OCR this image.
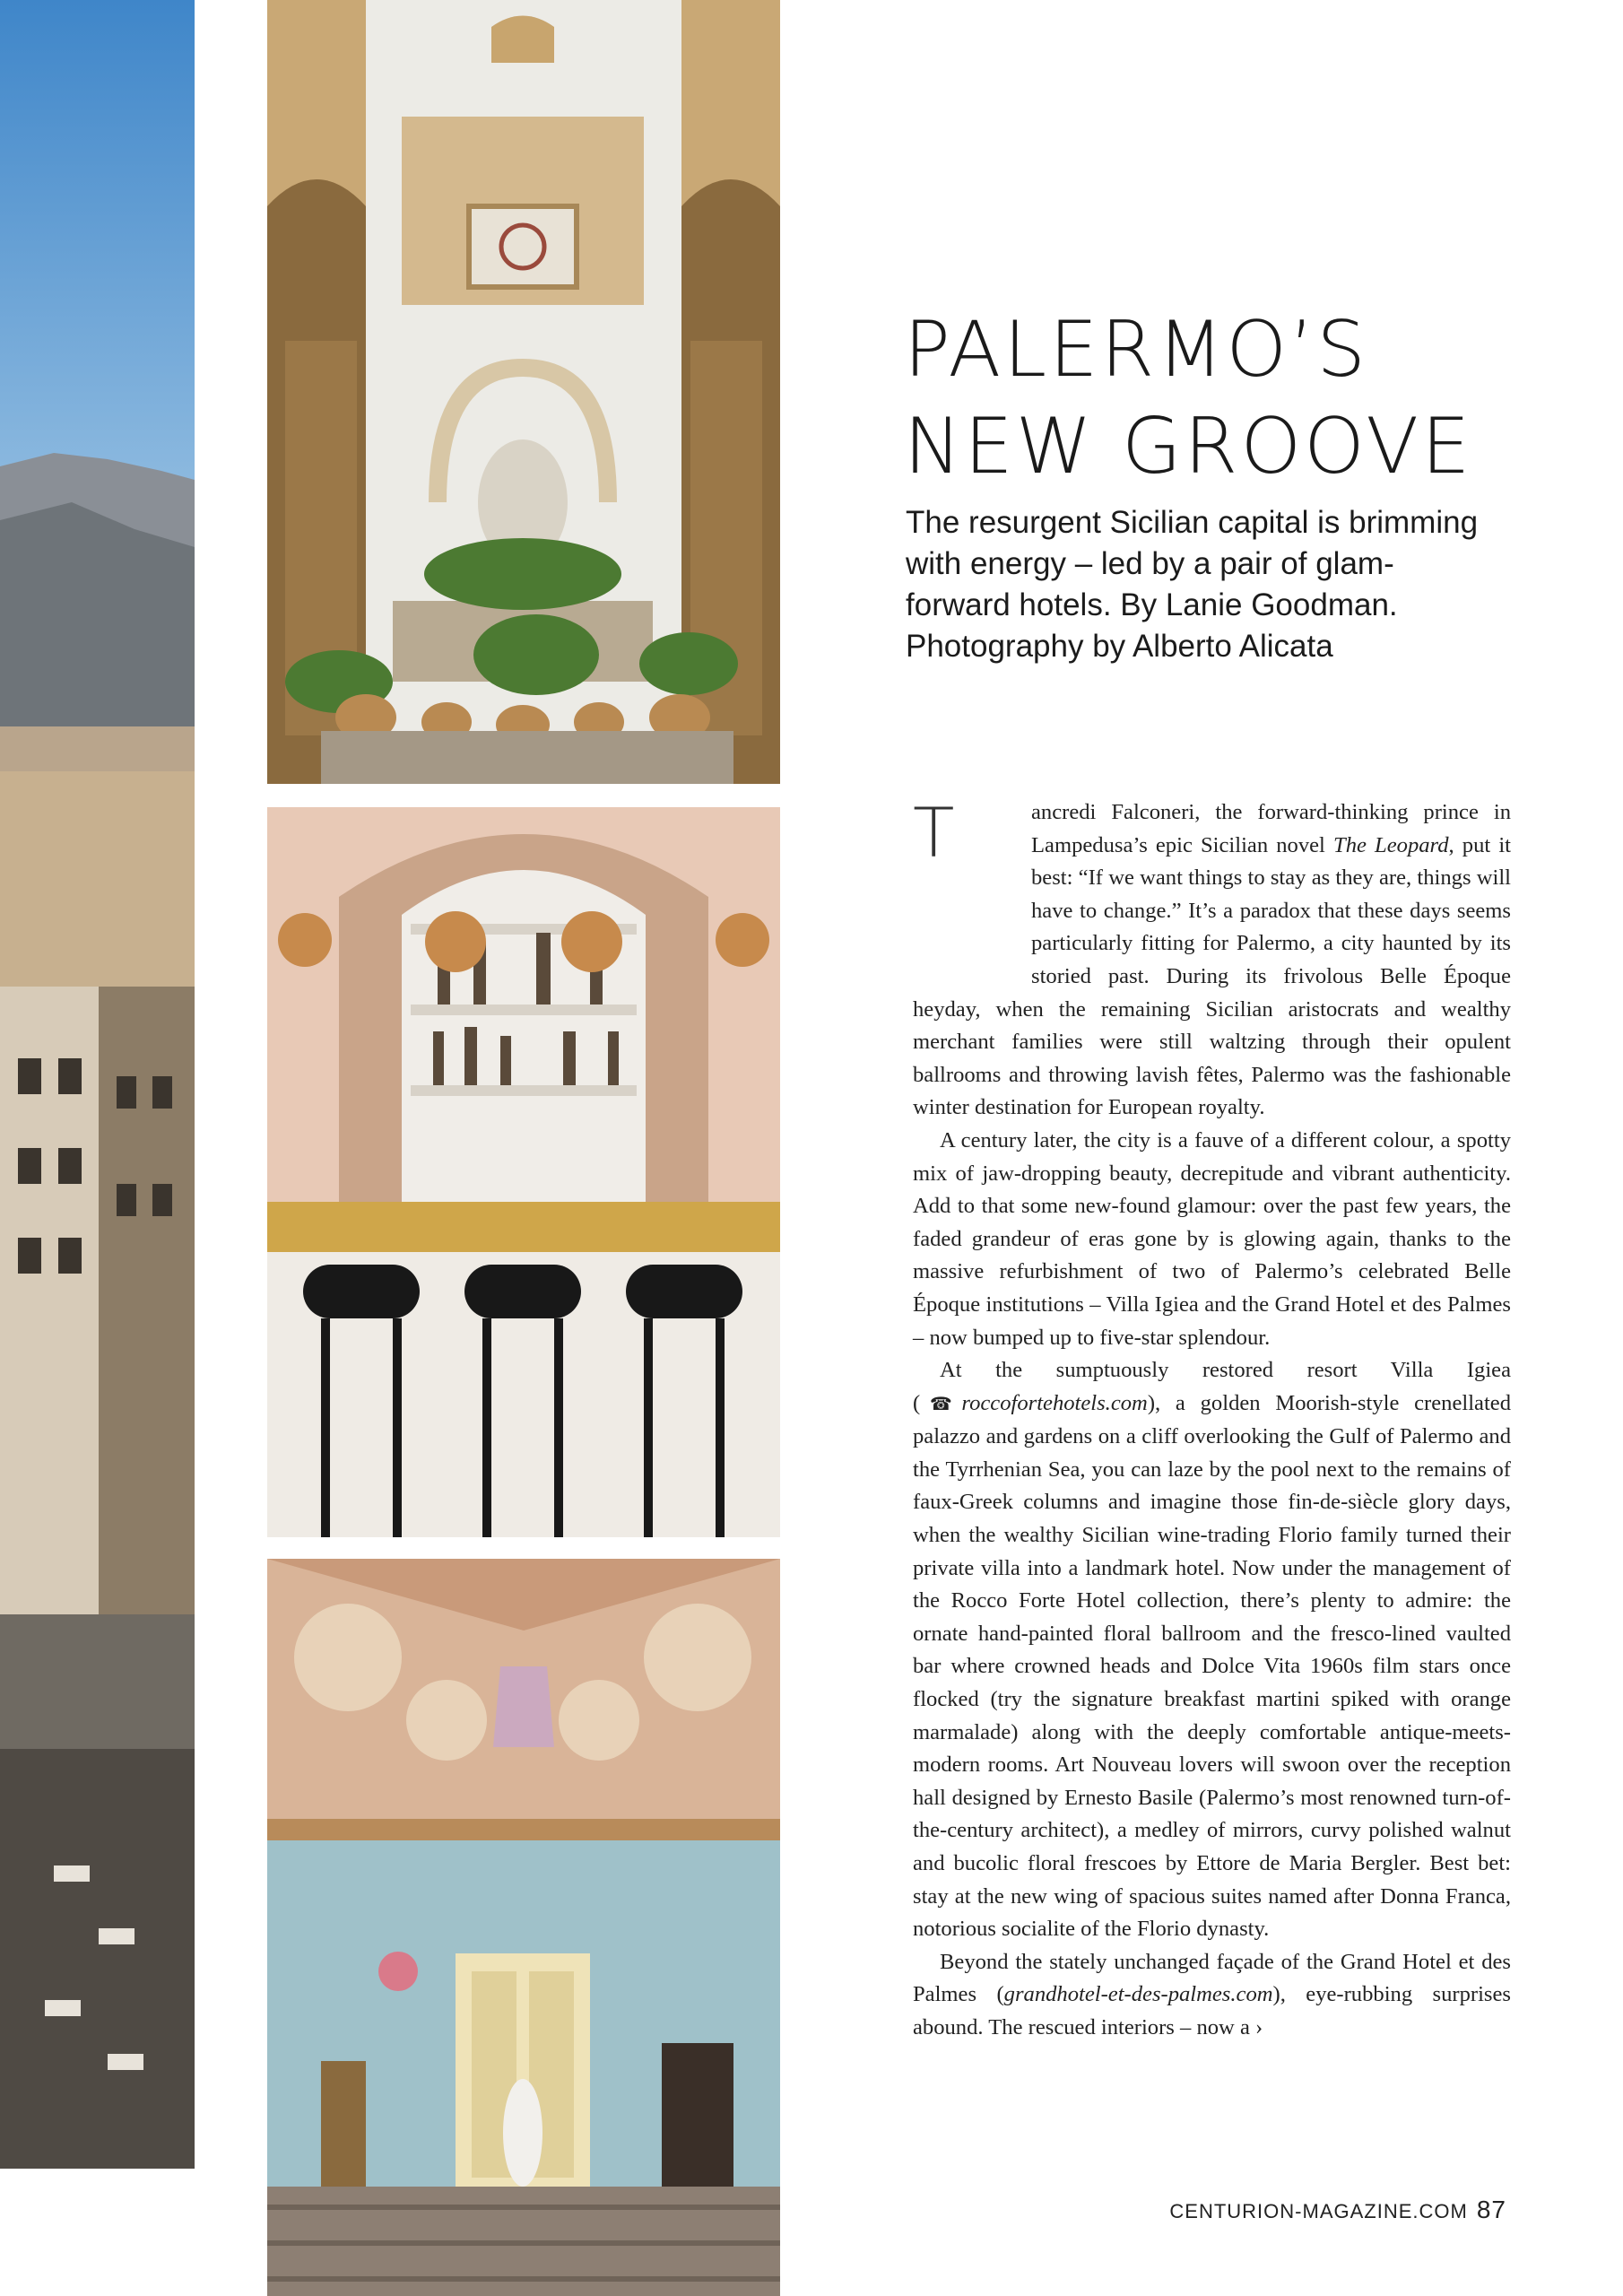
PALERMO’S
NEW GROOVE

The resurgent Sicilian capital is brimming with energy – led by a pair of glam-forward hotels. By Lanie Goodman. Photography by Alberto Alicata

T	ancredi Falconeri, the forward-thinking prince in Lampedusa’s epic Sicilian novel The Leopard, put it best: “If we want things to stay as they are, things will have to change.” It’s a paradox that these days seems particularly fitting for Palermo, a city haunted by its storied past. During its frivolous Belle Époque heyday, when the remaining Sicilian aristocrats and wealthy merchant families were still waltzing through their opulent ballrooms and throwing lavish fêtes, Palermo was the fashionable winter destination for European royalty.

A century later, the city is a fauve of a different colour, a spotty mix of jaw-dropping beauty, decrepitude and vibrant authenticity. Add to that some new-found glamour: over the past few years, the faded grandeur of eras gone by is glowing again, thanks to the massive refurbishment of two of Palermo’s celebrated Belle Époque institutions – Villa Igiea and the Grand Hotel et des Palmes – now bumped up to five-star splendour.

At the sumptuously restored resort Villa Igiea (☎roccofortehotels.com), a golden Moorish-style crenellated palazzo and gardens on a cliff overlooking the Gulf of Palermo and the Tyrrhenian Sea, you can laze by the pool next to the remains of faux-Greek columns and imagine those fin-de-siècle glory days, when the wealthy Sicilian wine-trading Florio family turned their private villa into a landmark hotel. Now under the management of the Rocco Forte Hotel collection, there’s plenty to admire: the ornate hand-painted floral ballroom and the fresco-lined vaulted bar where crowned heads and Dolce Vita 1960s film stars once flocked (try the signature breakfast martini spiked with orange marmalade) along with the deeply comfortable antique-meets-modern rooms. Art Nouveau lovers will swoon over the reception hall designed by Ernesto Basile (Palermo’s most renowned turn-of-the-century architect), a medley of mirrors, curvy polished walnut and bucolic floral frescoes by Ettore de Maria Bergler. Best bet: stay at the new wing of spacious suites named after Donna Franca, notorious socialite of the Florio dynasty.

Beyond the stately unchanged façade of the Grand Hotel et des Palmes (grandhotel-et-des-palmes.com), eye-rubbing surprises abound. The rescued interiors – now a ›

CENTURION-MAGAZINE.COM 87
